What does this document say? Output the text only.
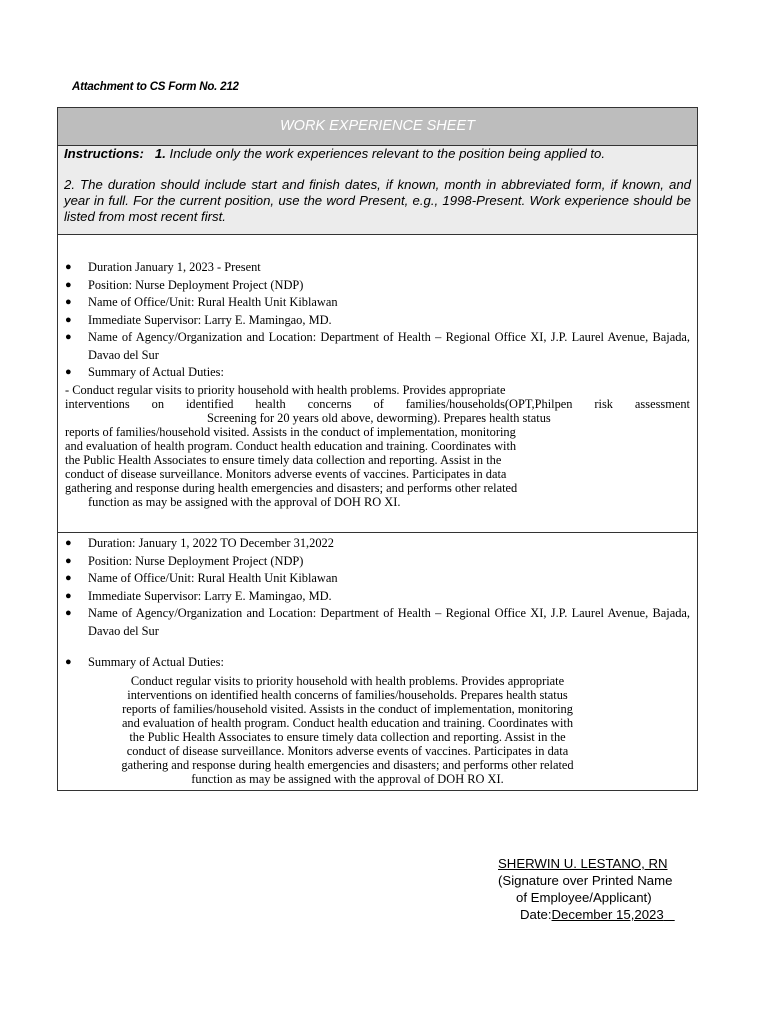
Attachment to CS Form No. 212
WORK EXPERIENCE SHEET

Instructions: 1. Include only the work experiences relevant to the position being applied to.

2. The duration should include start and finish dates, if known, month in abbreviated form, if known, and year in full. For the current position, use the word Present, e.g., 1998-Present. Work experience should be listed from most recent first.

● Duration January 1, 2023 - Present
● Position: Nurse Deployment Project (NDP)
● Name of Office/Unit: Rural Health Unit Kiblawan
● Immediate Supervisor: Larry E. Mamingao, MD.
● Name of Agency/Organization and Location: Department of Health – Regional Office XI, J.P. Laurel Avenue, Bajada, Davao del Sur
● Summary of Actual Duties:
- Conduct regular visits to priority household with health problems. Provides appropriate
interventions on identified health concerns of families/households(OPT,Philpen risk assessment
Screening for 20 years old above, deworming). Prepares health status
reports of families/household visited. Assists in the conduct of implementation, monitoring
and evaluation of health program. Conduct health education and training. Coordinates with
the Public Health Associates to ensure timely data collection and reporting. Assist in the
conduct of disease surveillance. Monitors adverse events of vaccines. Participates in data
gathering and response during health emergencies and disasters; and performs other related
function as may be assigned with the approval of DOH RO XI.
● Duration: January 1, 2022 TO December 31,2022
● Position: Nurse Deployment Project (NDP)
● Name of Office/Unit: Rural Health Unit Kiblawan
● Immediate Supervisor: Larry E. Mamingao, MD.
● Name of Agency/Organization and Location: Department of Health – Regional Office XI, J.P. Laurel Avenue, Bajada, Davao del Sur
● Summary of Actual Duties:
Conduct regular visits to priority household with health problems. Provides appropriate
interventions on identified health concerns of families/households. Prepares health status
reports of families/household visited. Assists in the conduct of implementation, monitoring
and evaluation of health program. Conduct health education and training. Coordinates with
the Public Health Associates to ensure timely data collection and reporting. Assist in the
conduct of disease surveillance. Monitors adverse events of vaccines. Participates in data
gathering and response during health emergencies and disasters; and performs other related
function as may be assigned with the approval of DOH RO XI.
SHERWIN U. LESTANO, RN
(Signature over Printed Name
of Employee/Applicant)
Date:December 15,2023
